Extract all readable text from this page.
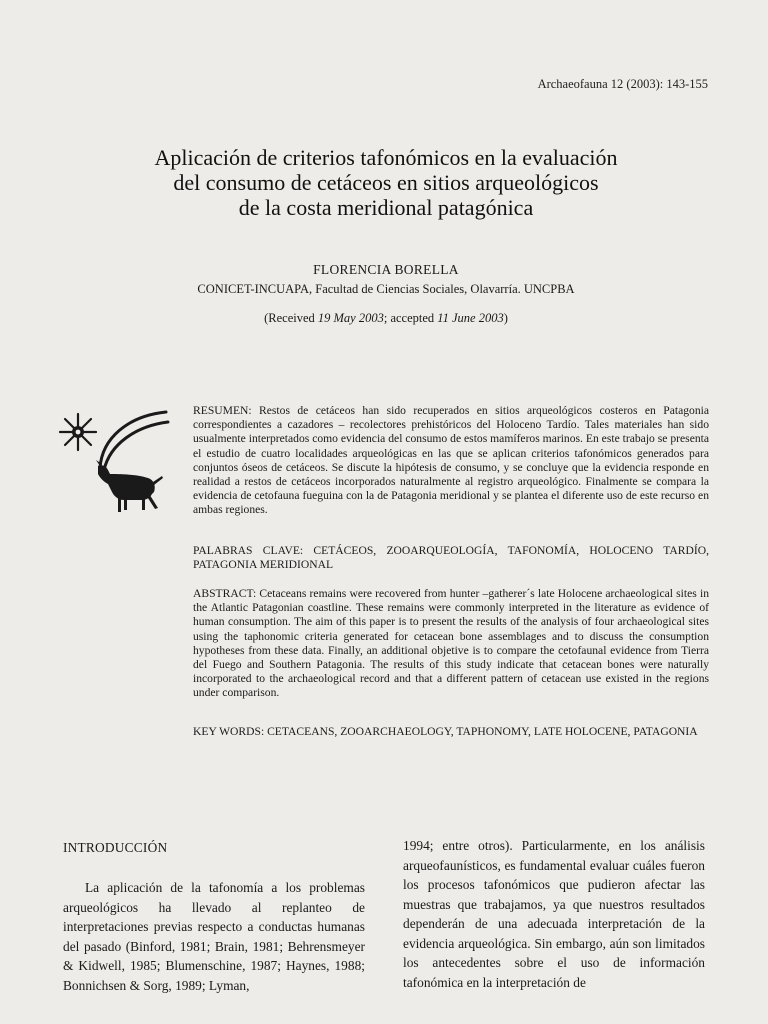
Archaeofauna 12 (2003): 143-155
Aplicación de criterios tafonómicos en la evaluación
del consumo de cetáceos en sitios arqueológicos
de la costa meridional patagónica
FLORENCIA BORELLA
CONICET-INCUAPA, Facultad de Ciencias Sociales, Olavarría. UNCPBA
(Received 19 May 2003; accepted 11 June 2003)
RESUMEN: Restos de cetáceos han sido recuperados en sitios arqueológicos costeros en Patagonia correspondientes a cazadores – recolectores prehistóricos del Holoceno Tardío. Tales materiales han sido usualmente interpretados como evidencia del consumo de estos mamíferos marinos. En este trabajo se presenta el estudio de cuatro localidades arqueológicas en las que se aplican criterios tafonómicos generados para conjuntos óseos de cetáceos. Se discute la hipótesis de consumo, y se concluye que la evidencia responde en realidad a restos de cetáceos incorporados naturalmente al registro arqueológico. Finalmente se compara la evidencia de cetofauna fueguina con la de Patagonia meridional y se plantea el diferente uso de este recurso en ambas regiones.
PALABRAS CLAVE: CETÁCEOS, ZOOARQUEOLOGÍA, TAFONOMÍA, HOLOCENO TARDÍO, PATAGONIA MERIDIONAL
ABSTRACT: Cetaceans remains were recovered from hunter –gatherer´s late Holocene archaeological sites in the Atlantic Patagonian coastline. These remains were commonly interpreted in the literature as evidence of human consumption. The aim of this paper is to present the results of the analysis of four archaeological sites using the taphonomic criteria generated for cetacean bone assemblages and to discuss the consumption hypotheses from these data. Finally, an additional objetive is to compare the cetofaunal evidence from Tierra del Fuego and Southern Patagonia. The results of this study indicate that cetacean bones were naturally incorporated to the archaeological record and that a different pattern of cetacean use existed in the regions under comparison.
KEY WORDS: CETACEANS, ZOOARCHAEOLOGY, TAPHONOMY, LATE HOLOCENE, PATAGONIA
INTRODUCCIÓN
La aplicación de la tafonomía a los problemas arqueológicos ha llevado al replanteo de interpretaciones previas respecto a conductas humanas del pasado (Binford, 1981; Brain, 1981; Behrensmeyer & Kidwell, 1985; Blumenschine, 1987; Haynes, 1988; Bonnichsen & Sorg, 1989; Lyman,
1994; entre otros). Particularmente, en los análisis arqueofaunísticos, es fundamental evaluar cuáles fueron los procesos tafonómicos que pudieron afectar las muestras que trabajamos, ya que nuestros resultados dependerán de una adecuada interpretación de la evidencia arqueológica. Sin embargo, aún son limitados los antecedentes sobre el uso de información tafonómica en la interpretación de
